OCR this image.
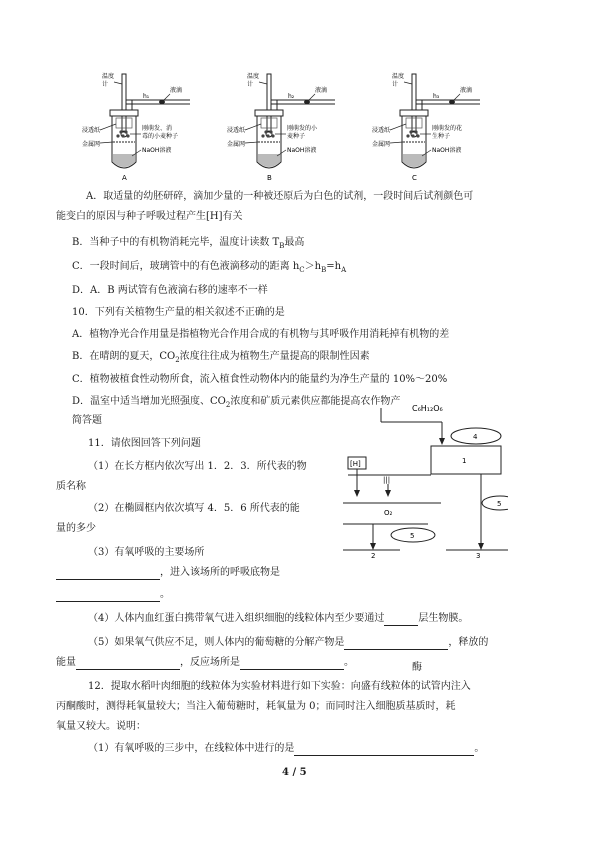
温度
计
h₁
液滴
浸透纸
金属网
刚萌发、消
毒的小麦种子
NaOH溶液
A
温度
计
h₂
液滴
浸透纸
金属网
刚萌发的小
麦种子
NaOH溶液
B
温度
计
h₃
液滴
浸透纸
金属网
刚萌发的花
生种子
NaOH溶液
C
A．取适量的幼胚研碎，滴加少量的一种被还原后为白色的试剂，一段时间后试剂颜色可
能变白的原因与种子呼吸过程产生[H]有关
B．当种子中的有机物消耗完毕，温度计读数 $T_B$最高
C．一段时间后，玻璃管中的有色液滴移动的距离 $h_C>h_B=h_A$
D．A．B 两试管有色液滴右移的速率不一样
10．下列有关植物生产量的相关叙述不正确的是
A．植物净光合作用量是指植物光合作用合成的有机物与其呼吸作用消耗掉有机物的差
B．在晴朗的夏天，$CO_2$浓度往往成为植物生产量提高的限制性因素
C．植物被植食性动物所食，流入植食性动物体内的能量约为净生产量的 10%～20%
D．温室中适当增加光照强度、$CO_2$浓度和矿质元素供应都能提高农作物产
简答题
11．请依图回答下列问题
（1）在长方框内依次写出 1．2．3．所代表的物
质名称
（2）在椭圆框内依次填写 4．5．6 所代表的能
量的多少
（3）有氧呼吸的主要场所
，进入该场所的呼吸底物是
。
（4）人体内血红蛋白携带氧气进入组织细胞的线粒体内至少要通过	层生物膜。
（5）如果氧气供应不足，则人体内的葡萄糖的分解产物是	，释放的
能量	，反应场所是	。	酶
C₆H₁₂O₆
4
1
[H]
|||
O₂
5
2
5
3
12．提取水稻叶肉细胞的线粒体为实验材料进行如下实验：向盛有线粒体的试管内注入
丙酮酸时，测得耗氧量较大；当注入葡萄糖时，耗氧量为 0；而同时注入细胞质基质时，耗
氧量又较大。说明：
（1）有氧呼吸的三步中，在线粒体中进行的是	。
4 / 5
